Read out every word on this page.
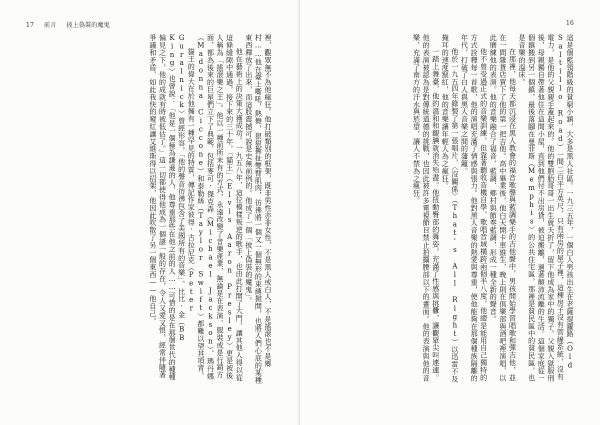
17 前言 披上偽裝的魔鬼

裡，觀眾無不為他瘋狂。他打破類別的框架，既非男性亦非女性，不是黑人或白人，不是搖滾也不是鄉村……他在臺上嘶吼，熱舞，狠狠撕扯雙臂肌肉，彷彿將一個又一個無形的束縛拋開，也將人們心底的某種東西釋放了出來，而這股震撼可說是史無前例的。他成了一個「披上偽裝的魔鬼」。

他在藝術上的決策大獲成功。一九五八年，這位模樣叛逆的歌手，也由此打開了大門，讓其他人得以從這條縫隙中通過，接下來的三十年，「貓王」（Elvis Aaron Presley）更是被後人稱為「搖滾樂之王」。他以一種前所未有的方式，永遠改變了音樂產業，無論是在表演、服裝或是行銷方面，都為後來的巨星們立下了典範，包括麥可·傑克森（Michael Jackson）、瑪丹娜（Madonna Ciccone）和泰勒絲（Taylor Swift）都難以望其項背。

貓王的偉大在於他擁有一種罕見的特質，傳記作家彼得·古拉尼克（Peter Guralnick）曾經形容，「他的聲音彷彿包含了美國所有的音樂」。比比·金（BB King）也曾說：「他是一個極為謙遜的人，他尊重那些在他之前的人……可惜的是在那個世代的種種偏見之下，他的成就有時被低估了。」這一切都使得他成為一個謎一般的存在，令人又愛又恨，經常伴隨著爭議和矛盾，如此我快的窺紅讓艾維斯得以招架，他因此吹散了另一個東西——他自己。

16

這是個藍領階級的貧窮小鎮，大多是黑人社區。一九三五年，一個白人男孩出生在老薩提蘿路（Old Saltillo Road）一間二百平方英尺，只有兩房的屋子裡，這棟房子沒有管線系統，沒有電力，是他的父親親手蓋起來的。他的雙胞胎哥哥一出生就夭折了，留下他成為家中的獨子。父親入獄服刑後，母親獨自帶著他住在這間小屋，直到他們付不出房貸，被迫搬離，過著顛沛流離的生活。這個家庭從一個鎮搬到另一個鎮，最後落腳在曼菲斯（Memphis）的公共住宅區，那裡是貧民區中的貧民區，也是音樂的溫床。

在那裡，他每天都沉浸在黑人教會的福音歌聲與藍調樂手的吉他聲中，男孩開始學習唱歌和彈吉他，並在一間雜貨店買下了他的第一把吉他。高中畢業後，他白天開卡車維生，晚上則在俱樂部與酒吧裡演唱，以此磨練他的表演。他的音樂融合了福音、藍調、鄉村與節奏藍調，形成一種全新的聲音。

他不曾受過正式的音樂訓練，但靠著聽收音機自學，歌唱音域橫跨兩個半八度，他總是能用自己獨特的方式詮釋每一首歌，他的演唱充滿了情感與張力。他對黑人音樂的熱愛與尊重，使他能夠在那個種族隔離的年代，打破了白人與黑人音樂之間的藩籬。

他於一九五四年錄製了第一張唱片，〈沒關係〉（That's All Right）以迅雷不及掩耳的速度竄紅，他的音樂讓年輕人為之瘋狂。

一踏上舞臺，他的溫和和靦腆就消失殆盡。他扭動臀部的舞姿，充滿了性感與挑釁，讓觀眾尖叫連連。他的表演被認為是對傳統道德的挑戰，也因此被許多電視節目禁止拍攝腰部以下的畫面。他的表演與他的音樂，充滿了南方的汗水與慾望，讓人不禁為之瘋狂。
